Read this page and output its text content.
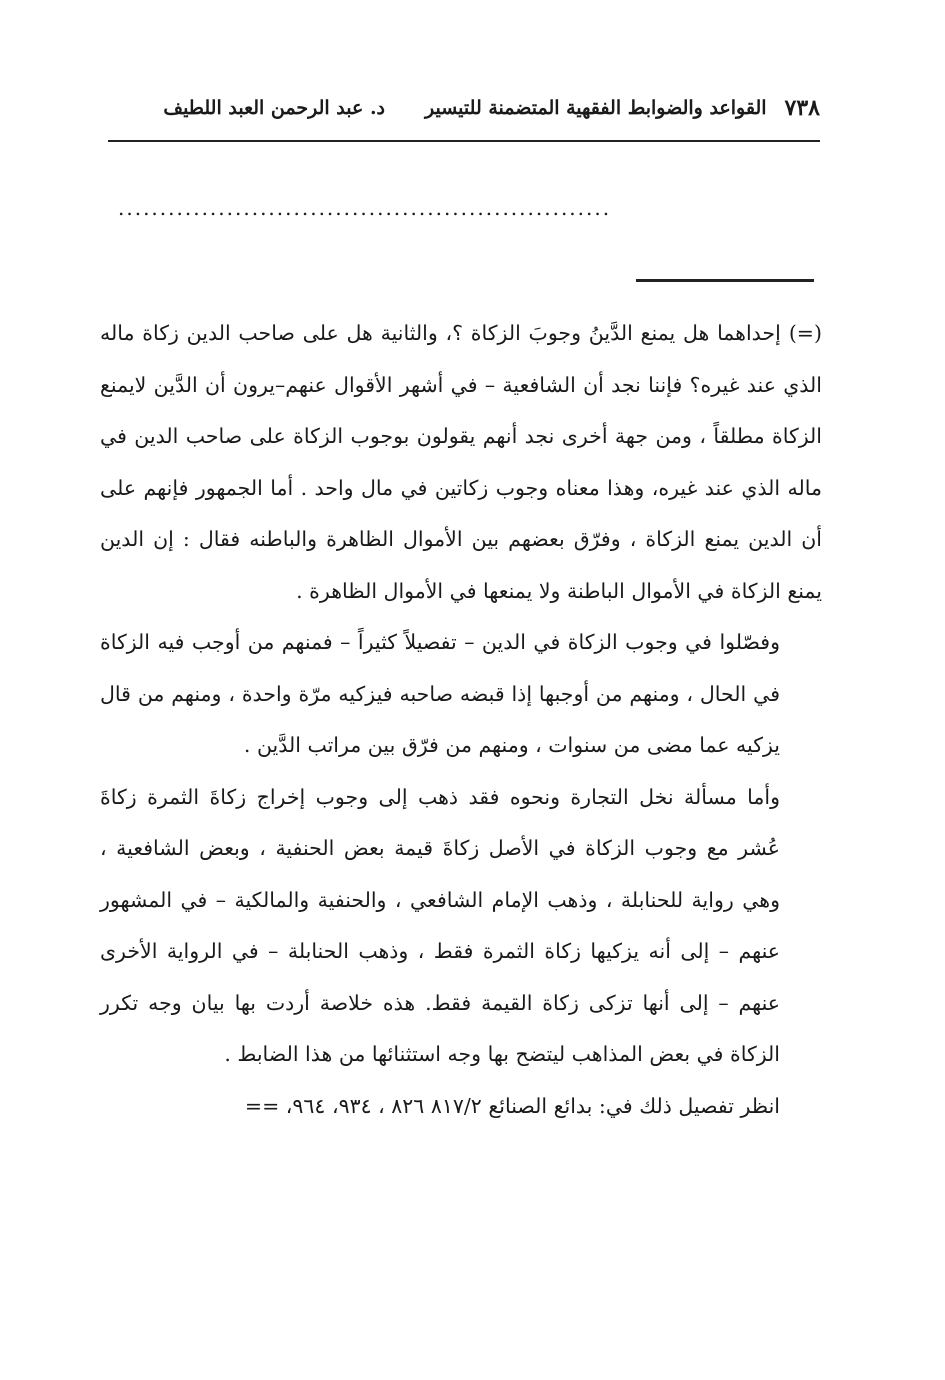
٧٣٨
القواعد والضوابط الفقهية المتضمنة للتيسير
د. عبد الرحمن العبد اللطيف
...........................................................

(=)إحداهما هل يمنع الدَّينُ وجوبَ الزكاة ؟، والثانية هل على صاحب الدين زكاة ماله الذي عند غيره؟ فإننا نجد أن الشافعية – في أشهر الأقوال عنهم–يرون أن الدَّين لايمنع الزكاة مطلقاً ، ومن جهة أخرى نجد أنهم يقولون بوجوب الزكاة على صاحب الدين في ماله الذي عند غيره، وهذا معناه وجوب زكاتين في مال واحد . أما الجمهور فإنهم على أن الدين يمنع الزكاة ، وفرّق بعضهم بين الأموال الظاهرة والباطنه فقال : إن الدين يمنع الزكاة في الأموال الباطنة ولا يمنعها في الأموال الظاهرة .

وفصّلوا في وجوب الزكاة في الدين – تفصيلاً كثيراً – فمنهم من أوجب فيه الزكاة في الحال ، ومنهم من أوجبها إذا قبضه صاحبه فيزكيه مرّة واحدة ، ومنهم من قال يزكيه عما مضى من سنوات ، ومنهم من فرّق بين مراتب الدَّين .

وأما مسألة نخل التجارة ونحوه فقد ذهب إلى وجوب إخراج زكاةَ الثمرة زكاةَ عُشر مع وجوب الزكاة في الأصل زكاةَ قيمة بعض الحنفية ، وبعض الشافعية ، وهي رواية للحنابلة ، وذهب الإمام الشافعي ، والحنفية والمالكية – في المشهور عنهم – إلى أنه يزكيها زكاة الثمرة فقط ، وذهب الحنابلة – في الرواية الأخرى عنهم – إلى أنها تزكى زكاة القيمة فقط. هذه خلاصة أردت بها بيان وجه تكرر الزكاة في بعض المذاهب ليتضح بها وجه استثنائها من هذا الضابط .

انظر تفصيل ذلك في: بدائع الصنائع ٨١٧/٢ ٨٢٦ ، ٩٣٤، ٩٦٤، ==
